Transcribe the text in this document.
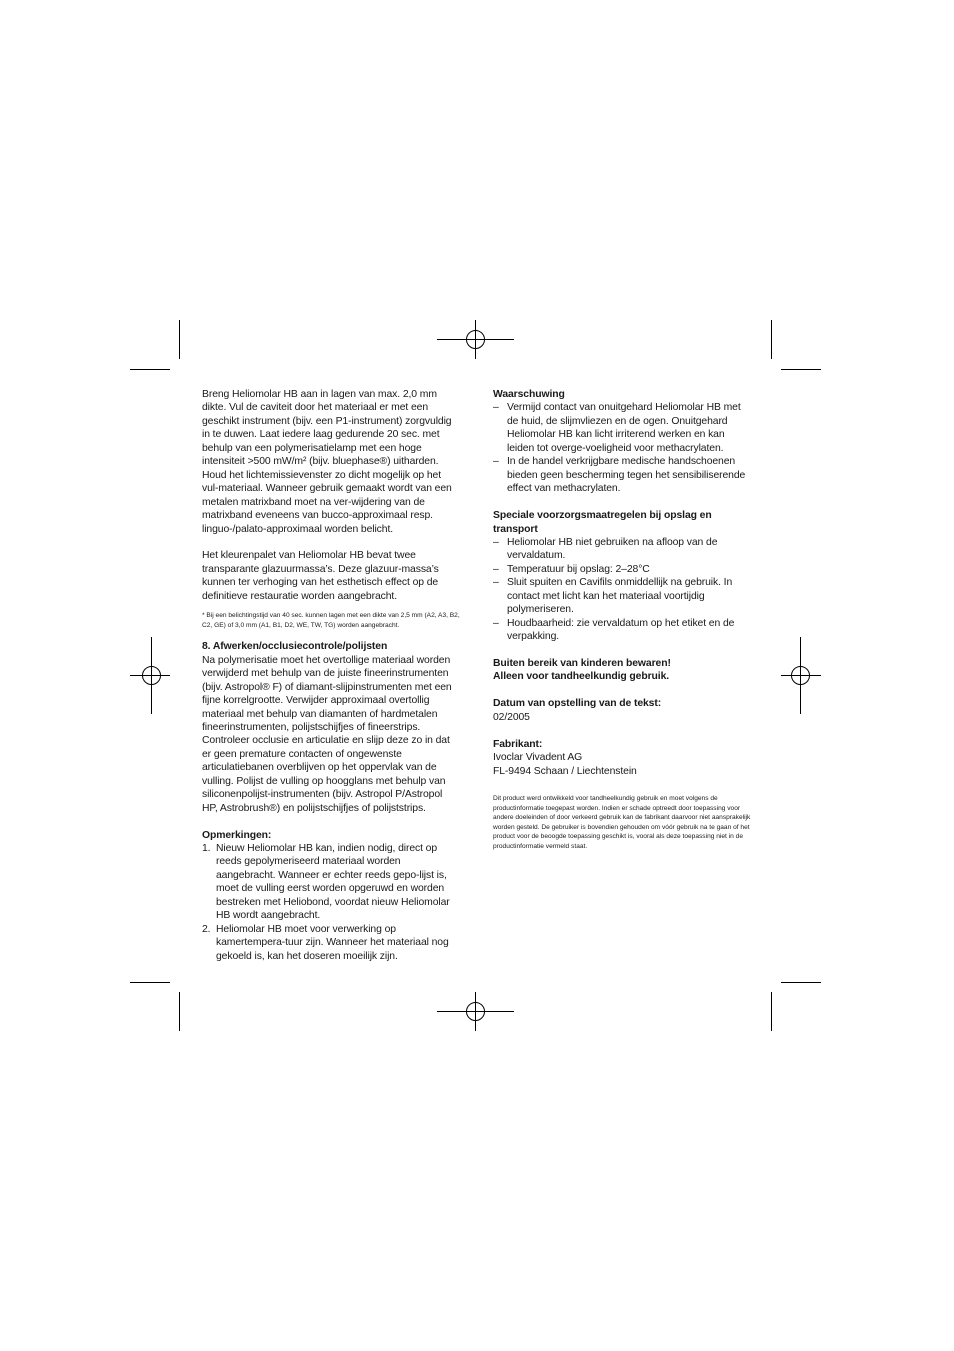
Breng Heliomolar HB aan in lagen van max. 2,0 mm dikte. Vul de caviteit door het materiaal er met een geschikt instrument (bijv. een P1-instrument) zorgvuldig in te duwen. Laat iedere laag gedurende 20 sec. met behulp van een polymerisatielamp met een hoge intensiteit >500 mW/m² (bijv. bluephase®) uitharden. Houd het lichtemissievenster zo dicht mogelijk op het vul-materiaal. Wanneer gebruik gemaakt wordt van een metalen matrixband moet na ver-wijdering van de matrixband eveneens van bucco-approximaal resp. linguo-/palato-approximaal worden belicht.

Het kleurenpalet van Heliomolar HB bevat twee transparante glazuurmassa’s. Deze glazuur-massa’s kunnen ter verhoging van het esthetisch effect op de definitieve restauratie worden aangebracht.

* Bij een belichtingstijd van 40 sec. kunnen lagen met een dikte van 2,5 mm (A2, A3, B2, C2, GE) of 3,0 mm (A1, B1, D2, WE, TW, TG) worden aangebracht.

8. Afwerken/occlusiecontrole/polijsten

Na polymerisatie moet het overtollige materiaal worden verwijderd met behulp van de juiste fineerinstrumenten (bijv. Astropol® F) of diamant-slijpinstrumenten met een fijne korrelgrootte. Verwijder approximaal overtollig materiaal met behulp van diamanten of hardmetalen fineerinstrumenten, polijstschijfjes of fineerstrips. Controleer occlusie en articulatie en slijp deze zo in dat er geen premature contacten of ongewenste articulatiebanen overblijven op het oppervlak van de vulling. Polijst de vulling op hoogglans met behulp van siliconenpolijst-instrumenten (bijv. Astropol P/Astropol HP, Astrobrush®) en polijstschijfjes of polijststrips.

Opmerkingen:

1. Nieuw Heliomolar HB kan, indien nodig, direct op reeds gepolymeriseerd materiaal worden aangebracht. Wanneer er echter reeds gepo-lijst is, moet de vulling eerst worden opgeruwd en worden bestreken met Heliobond, voordat nieuw Heliomolar HB wordt aangebracht.
2. Heliomolar HB moet voor verwerking op kamertempera-tuur zijn. Wanneer het materiaal nog gekoeld is, kan het doseren moeilijk zijn.

Waarschuwing

– Vermijd contact van onuitgehard Heliomolar HB met de huid, de slijmvliezen en de ogen. Onuitgehard Heliomolar HB kan licht irriterend werken en kan leiden tot overge-voeligheid voor methacrylaten.
– In de handel verkrijgbare medische handschoenen bieden geen bescherming tegen het sensibiliserende effect van methacrylaten.

Speciale voorzorgsmaatregelen bij opslag en transport

– Heliomolar HB niet gebruiken na afloop van de vervaldatum.
– Temperatuur bij opslag: 2–28°C
– Sluit spuiten en Cavifils onmiddellijk na gebruik. In contact met licht kan het materiaal voortijdig polymeriseren.
– Houdbaarheid: zie vervaldatum op het etiket en de verpakking.

Buiten bereik van kinderen bewaren!

Alleen voor tandheelkundig gebruik.

Datum van opstelling van de tekst:

02/2005

Fabrikant:

Ivoclar Vivadent AG

FL-9494 Schaan / Liechtenstein

Dit product werd ontwikkeld voor tandheelkundig gebruik en moet volgens de productinformatie toegepast worden. Indien er schade optreedt door toepassing voor andere doeleinden of door verkeerd gebruik kan de fabrikant daarvoor niet aansprakelijk worden gesteld. De gebruiker is bovendien gehouden om vóór gebruik na te gaan of het product voor de beoogde toepassing geschikt is, vooral als deze toepassing niet in de productinformatie vermeld staat.
